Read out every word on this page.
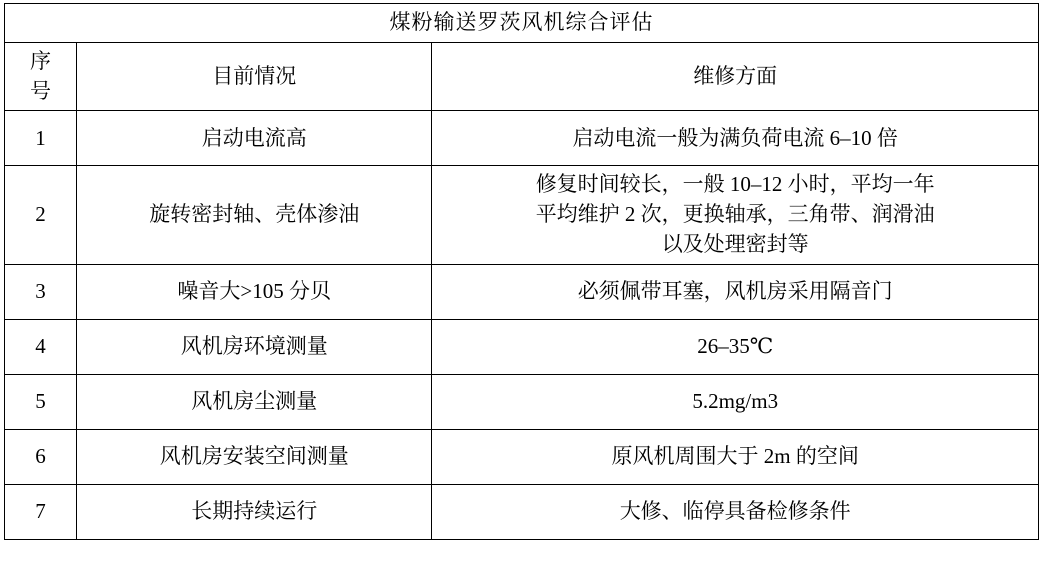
煤粉输送罗茨风机综合评估		

序
号	目前情况	维修方面
1	启动电流高	启动电流一般为满负荷电流 6–10 倍
2	旋转密封轴、壳体渗油	修复时间较长，一般 10–12 小时，平均一年
平均维护 2 次，更换轴承，三角带、润滑油
以及处理密封等

3	噪音大>105 分贝	必须佩带耳塞，风机房采用隔音门
4	风机房环境测量	26–35℃
5	风机房尘测量	5.2mg/m3
6	风机房安装空间测量	原风机周围大于 2m 的空间
7	长期持续运行	大修、临停具备检修条件
